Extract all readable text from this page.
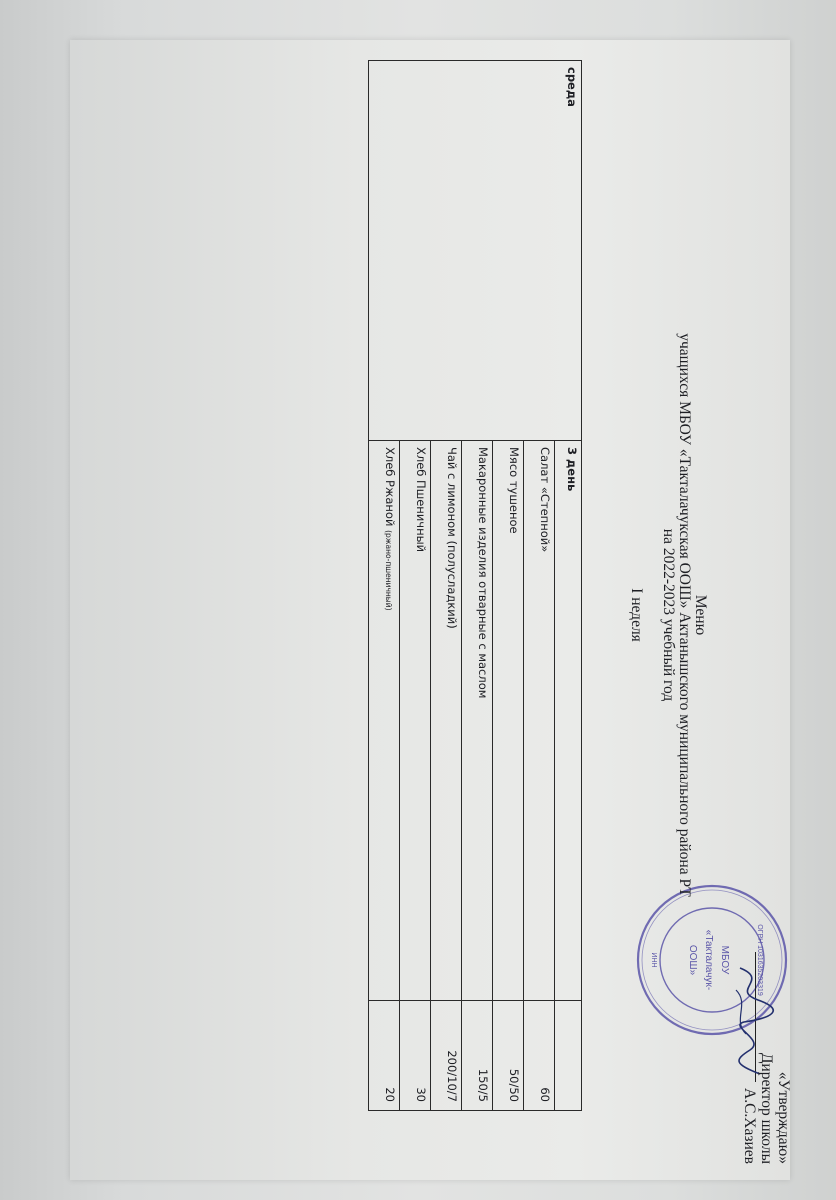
ОГРН 1031635203319
МБОУ
«Такталачук-
ООШ»
ИНН
«Утверждаю»
Директор школы
А.С.Хазиев
Меню
учащихся МБОУ «Такталачукская ООШ» Актанышского муниципального района РТ
на 2022-2023 учебный год
I неделя
среда	3 день	
	Салат «Степной»	60
	Мясо тушеное	50/50
	Макаронные изделия отварные с маслом	150/5
	Чай с лимоном (полусладкий)	200/10/7
	Хлеб Пшеничный	30
	Хлеб Ржаной (ржано-пшеничный)	20
